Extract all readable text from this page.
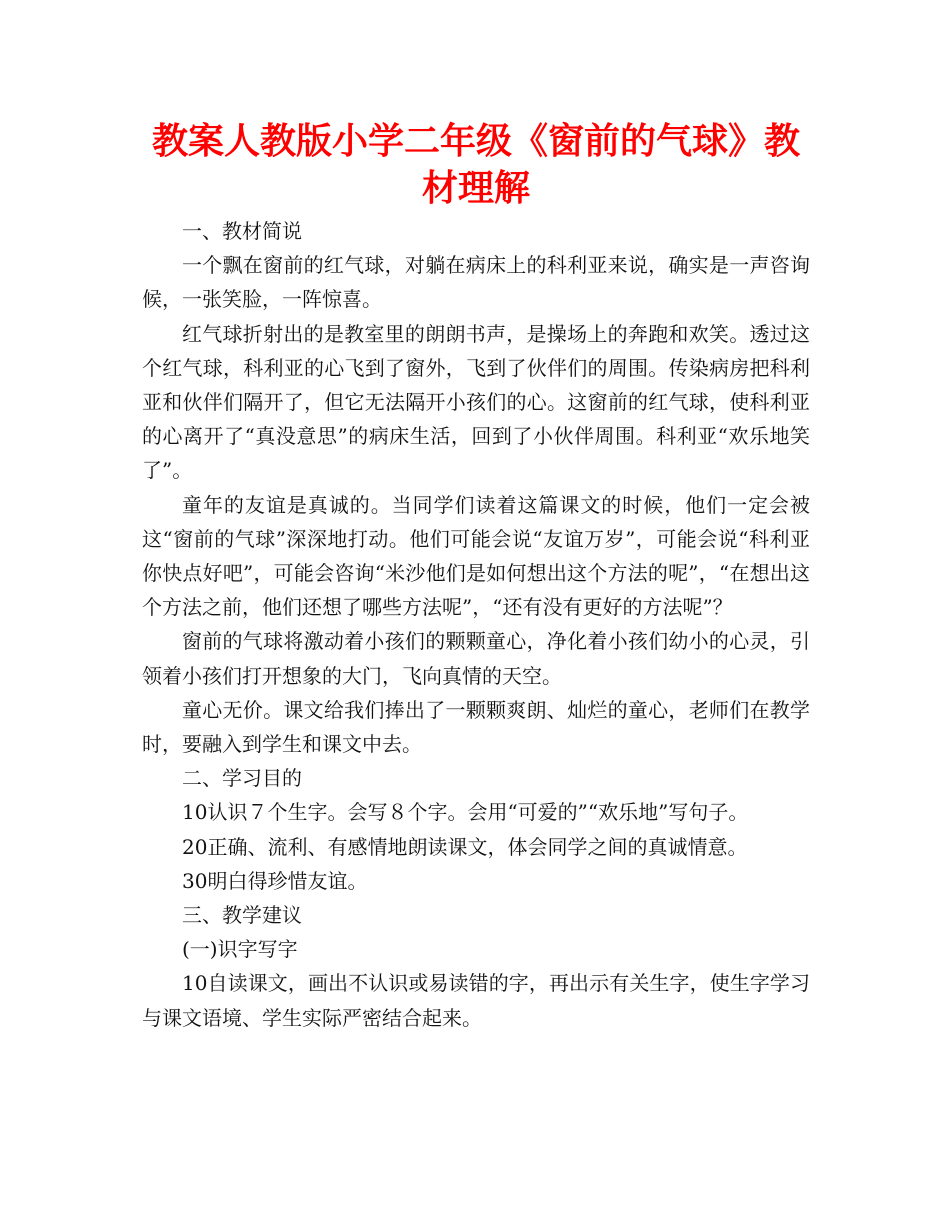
教案人教版小学二年级《窗前的气球》教材理解

一、教材简说

一个飘在窗前的红气球，对躺在病床上的科利亚来说，确实是一声咨询候，一张笑脸，一阵惊喜。

红气球折射出的是教室里的朗朗书声，是操场上的奔跑和欢笑。透过这个红气球，科利亚的心飞到了窗外，飞到了伙伴们的周围。传染病房把科利亚和伙伴们隔开了，但它无法隔开小孩们的心。这窗前的红气球，使科利亚的心离开了“真没意思”的病床生活，回到了小伙伴周围。科利亚“欢乐地笑了”。

童年的友谊是真诚的。当同学们读着这篇课文的时候，他们一定会被这“窗前的气球”深深地打动。他们可能会说“友谊万岁”，可能会说“科利亚你快点好吧”，可能会咨询“米沙他们是如何想出这个方法的呢”，“在想出这个方法之前，他们还想了哪些方法呢”，“还有没有更好的方法呢”？

窗前的气球将激动着小孩们的颗颗童心，净化着小孩们幼小的心灵，引领着小孩们打开想象的大门，飞向真情的天空。

童心无价。课文给我们捧出了一颗颗爽朗、灿烂的童心，老师们在教学时，要融入到学生和课文中去。

二、学习目的

10认识７个生字。会写８个字。会用“可爱的”“欢乐地”写句子。

20正确、流利、有感情地朗读课文，体会同学之间的真诚情意。

30明白得珍惜友谊。

三、教学建议

(一)识字写字

10自读课文，画出不认识或易读错的字，再出示有关生字，使生字学习与课文语境、学生实际严密结合起来。
